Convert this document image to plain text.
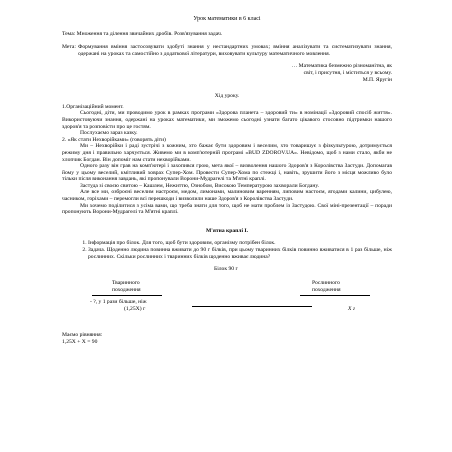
Урок математики в 6 класі

Тема: Множення та ділення звичайних дробів. Розв'язування задач.

Мета: Формування вміння застосовувати здобуті знання у нестандартних умовах; вміння аналізувати та систематизувати знання, одержані на уроках та самостійно з додаткової літератури, виховувати культуру математичного мовлення.

… Математика безмежно різноманітна, як

світ, і присутня, і міститься у всьому.

М.П. Яругін

Хід уроку.

1.Організаційний момент.

Сьогодні, діти, ми проводимо урок в рамках програми «Здорова планета – здоровий ти» в номінації «Здоровий спосіб життя». Використовуючи знання, одержані на уроках математики, ми зможемо сьогодні узнати багато цікавого стосовно підтримки нашого здоров'я та розповісти про це гостям.

Послухаємо зараз казку.

2. «Як стати Нехворійками» (говорять діти)

Ми – Нехворійки і раді зустрічі з кожним, хто бажає бути здоровим і веселим, хто товаришує з фізкультурою, дотримується режиму дня і правильно харчується. Живемо ми в комп'ютерній програмі «BUD ZDOROV.UA». Невідомо, щоб з нами стало, якби не хлопчик Богдан. Він допоміг нам стати нехворійками.

Одного разу він грав на комп'ютері і захопився грою, мета якої – визволення нашого Здоров'я з Королівства Застуди. Допомагав йому у цьому веселий, кмітливий ховрах Супер-Хом. Провести Супер-Хома по стежці і, навіть, зрушити його з місця можливо було тільки після виконання завдань, які пропонували Ворони-Мудрагелі та М'ятні краплі.

Застуда зі своєю свитою – Кашлем, Нежиттю, Ознобом, Високою Температурою захворали Богдану.

Але все ми, озброєні веселим настроєм, медом, лимонами, малиновим варенням, липовим настоєм, ягодами калини, цибулею, часником, горіхами – перемогли всі перешкоди і визволили наше Здоров'я з Королівства Застуди.

Ми хочемо поділитися з усіма вами, що треба знати для того, щоб не мати проблем із Застудою. Свої міні-презентації – поради пропонують Ворони-Мудрагелі та М'ятні краплі.

М'ятна краплі І.

1. Інформація про білок. Для того, щоб бути здоровим, організму потрібен білок.
2. Задача. Щоденно людина повинна вживати до 90 г білків, при цьому тваринних білків повинно вживатися в 1 раз більше, ніж рослинних. Скільки рослинних і тваринних білків щоденно вживає людина?
Білок 90 г
Тваринного
походження
Рослинного
походження
- ?, у 1 рази більше, ніж
(1,25X) г	X г

Маємо рівняння:

1,25X + X = 90
